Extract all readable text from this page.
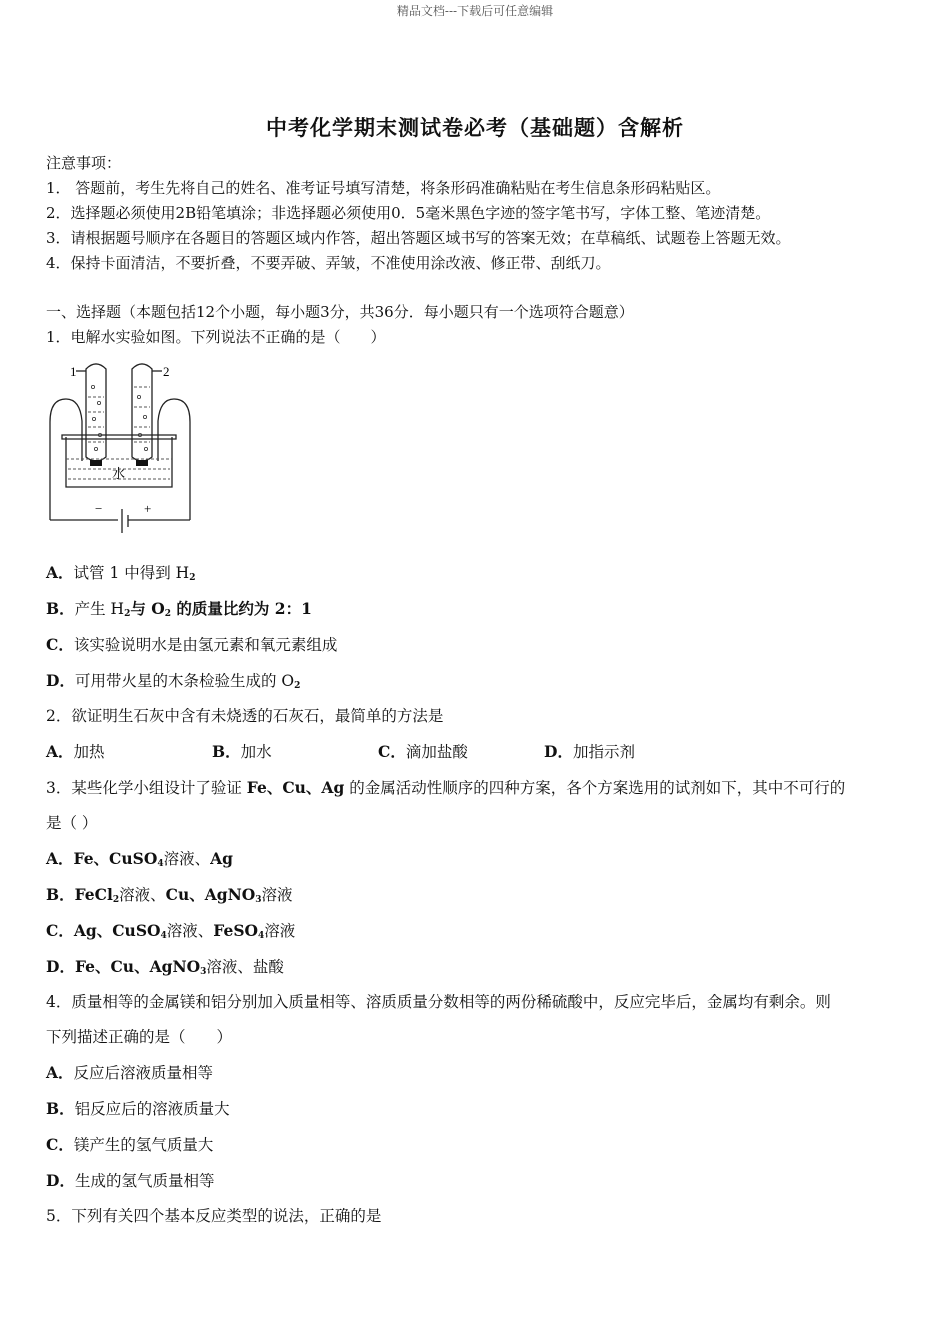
精品文档---下载后可任意编辑
中考化学期末测试卷必考（基础题）含解析
注意事项：
1． 答题前，考生先将自己的姓名、准考证号填写清楚，将条形码准确粘贴在考生信息条形码粘贴区。
2．选择题必须使用2B铅笔填涂；非选择题必须使用0．5毫米黑色字迹的签字笔书写，字体工整、笔迹清楚。
3．请根据题号顺序在各题目的答题区域内作答，超出答题区域书写的答案无效；在草稿纸、试题卷上答题无效。
4．保持卡面清洁，不要折叠，不要弄破、弄皱，不准使用涂改液、修正带、刮纸刀。
一、选择题（本题包括12个小题，每小题3分，共36分．每小题只有一个选项符合题意）
1．电解水实验如图。下列说法不正确的是（　　）
A．试管 1 中得到 $H_2$
B．产生 $H_2$与 $O_2$ 的质量比约为 2：1
C．该实验说明水是由氢元素和氧元素组成
D．可用带火星的木条检验生成的 $O_2$
2．欲证明生石灰中含有未烧透的石灰石，最简单的方法是
A．加热	B．加水	C．滴加盐酸	D．加指示剂
3．某些化学小组设计了验证 Fe、Cu、Ag 的金属活动性顺序的四种方案，各个方案选用的试剂如下，其中不可行的
是（ ）
A．Fe、CuSO$_4$溶液、Ag
B．FeCl$_2$溶液、Cu、AgNO$_3$溶液
C．Ag、CuSO$_4$溶液、FeSO$_4$溶液
D．Fe、Cu、AgNO$_3$溶液、盐酸
4．质量相等的金属镁和铝分别加入质量相等、溶质质量分数相等的两份稀硫酸中，反应完毕后，金属均有剩余。则
下列描述正确的是（　　）
A．反应后溶液质量相等
B．铝反应后的溶液质量大
C．镁产生的氢气质量大
D．生成的氢气质量相等
5．下列有关四个基本反应类型的说法，正确的是
1	2
水
−	+
